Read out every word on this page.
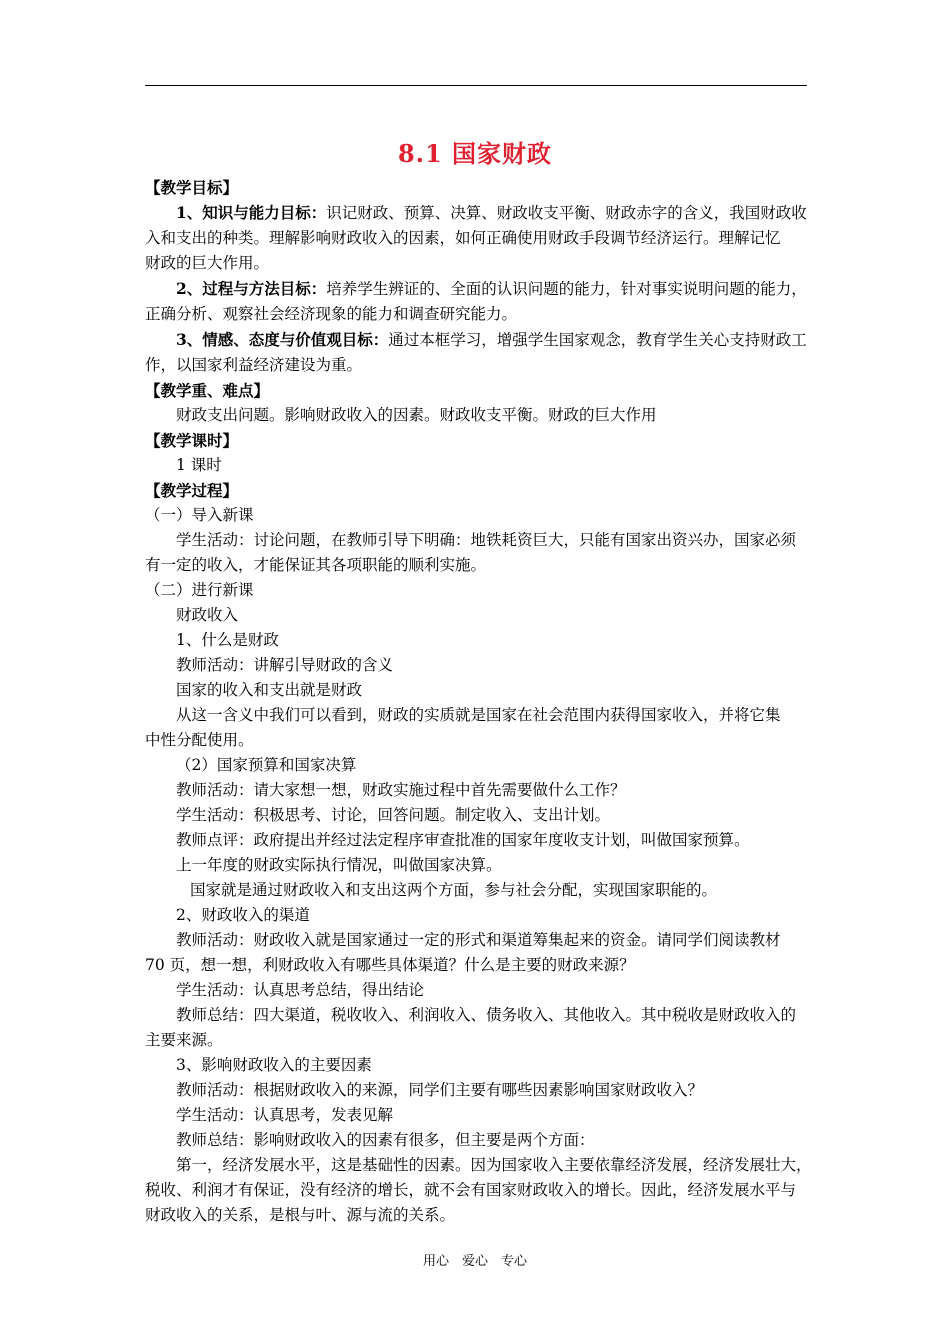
8.1 国家财政
【教学目标】
1、知识与能力目标：识记财政、预算、决算、财政收支平衡、财政赤字的含义，我国财政收
入和支出的种类。理解影响财政收入的因素，如何正确使用财政手段调节经济运行。理解记忆
财政的巨大作用。
2、过程与方法目标：培养学生辨证的、全面的认识问题的能力，针对事实说明问题的能力，
正确分析、观察社会经济现象的能力和调查研究能力。
3、情感、态度与价值观目标：通过本框学习，增强学生国家观念，教育学生关心支持财政工
作，以国家利益经济建设为重。
【教学重、难点】
财政支出问题。影响财政收入的因素。财政收支平衡。财政的巨大作用
【教学课时】
1 课时
【教学过程】
（一）导入新课
学生活动：讨论问题，在教师引导下明确：地铁耗资巨大，只能有国家出资兴办，国家必须
有一定的收入，才能保证其各项职能的顺利实施。
（二）进行新课
财政收入
1、什么是财政
教师活动：讲解引导财政的含义
国家的收入和支出就是财政
从这一含义中我们可以看到，财政的实质就是国家在社会范围内获得国家收入，并将它集
中性分配使用。
（2）国家预算和国家决算
教师活动：请大家想一想，财政实施过程中首先需要做什么工作？
学生活动：积极思考、讨论，回答问题。制定收入、支出计划。
教师点评：政府提出并经过法定程序审查批准的国家年度收支计划，叫做国家预算。
上一年度的财政实际执行情况，叫做国家决算。
国家就是通过财政收入和支出这两个方面，参与社会分配，实现国家职能的。
2、财政收入的渠道
教师活动：财政收入就是国家通过一定的形式和渠道筹集起来的资金。请同学们阅读教材
70 页，想一想，利财政收入有哪些具体渠道？什么是主要的财政来源？
学生活动：认真思考总结，得出结论
教师总结：四大渠道，税收收入、利润收入、债务收入、其他收入。其中税收是财政收入的
主要来源。
3、影响财政收入的主要因素
教师活动：根据财政收入的来源，同学们主要有哪些因素影响国家财政收入？
学生活动：认真思考，发表见解
教师总结：影响财政收入的因素有很多，但主要是两个方面：
第一，经济发展水平，这是基础性的因素。因为国家收入主要依靠经济发展，经济发展壮大，
税收、利润才有保证，没有经济的增长，就不会有国家财政收入的增长。因此，经济发展水平与
财政收入的关系，是根与叶、源与流的关系。
用心　爱心　专心
